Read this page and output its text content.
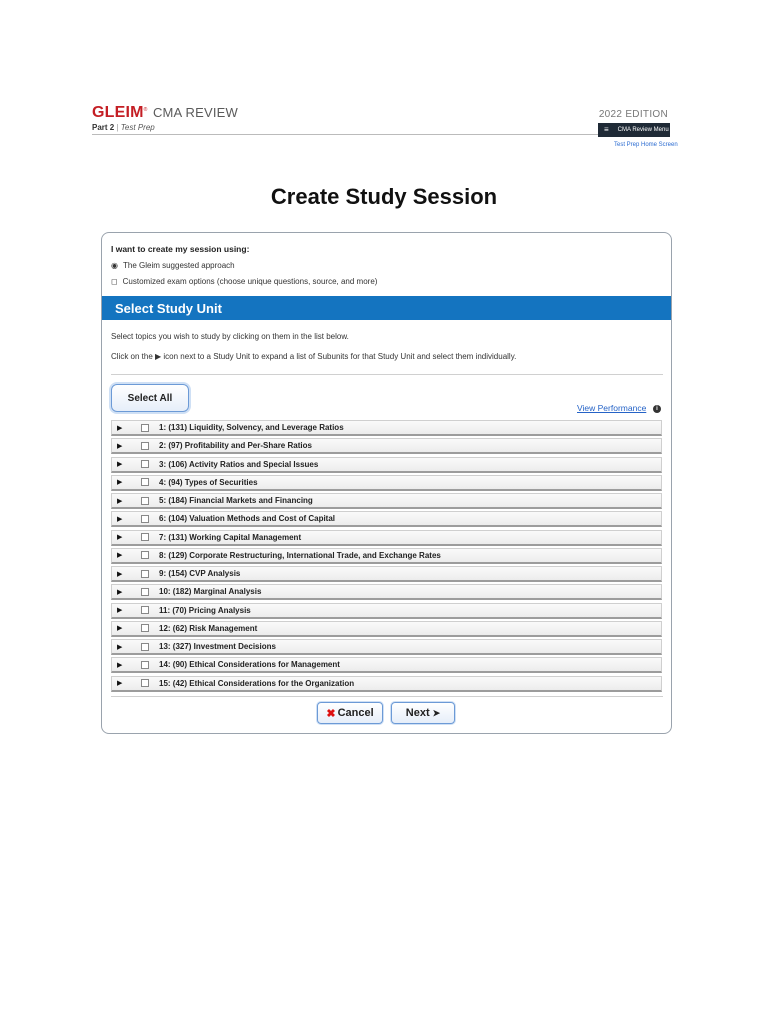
GLEIM® CMA REVIEW
Part 2 | Test Prep
2022 EDITION
≡ CMA Review Menu
Test Prep Home Screen
Create Study Session
I want to create my session using:
◉ The Gleim suggested approach
◻ Customized exam options (choose unique questions, source, and more)
Select Study Unit
Select topics you wish to study by clicking on them in the list below.
Click on the ▶ icon next to a Study Unit to expand a list of Subunits for that Study Unit and select them individually.
Select All
View Performance	i
▶	1: (131) Liquidity, Solvency, and Leverage Ratios
▶	2: (97) Profitability and Per-Share Ratios
▶	3: (106) Activity Ratios and Special Issues
▶	4: (94) Types of Securities
▶	5: (184) Financial Markets and Financing
▶	6: (104) Valuation Methods and Cost of Capital
▶	7: (131) Working Capital Management
▶	8: (129) Corporate Restructuring, International Trade, and Exchange Rates
▶	9: (154) CVP Analysis
▶	10: (182) Marginal Analysis
▶	11: (70) Pricing Analysis
▶	12: (62) Risk Management
▶	13: (327) Investment Decisions
▶	14: (90) Ethical Considerations for Management
▶	15: (42) Ethical Considerations for the Organization
✖ Cancel	Next ➤
